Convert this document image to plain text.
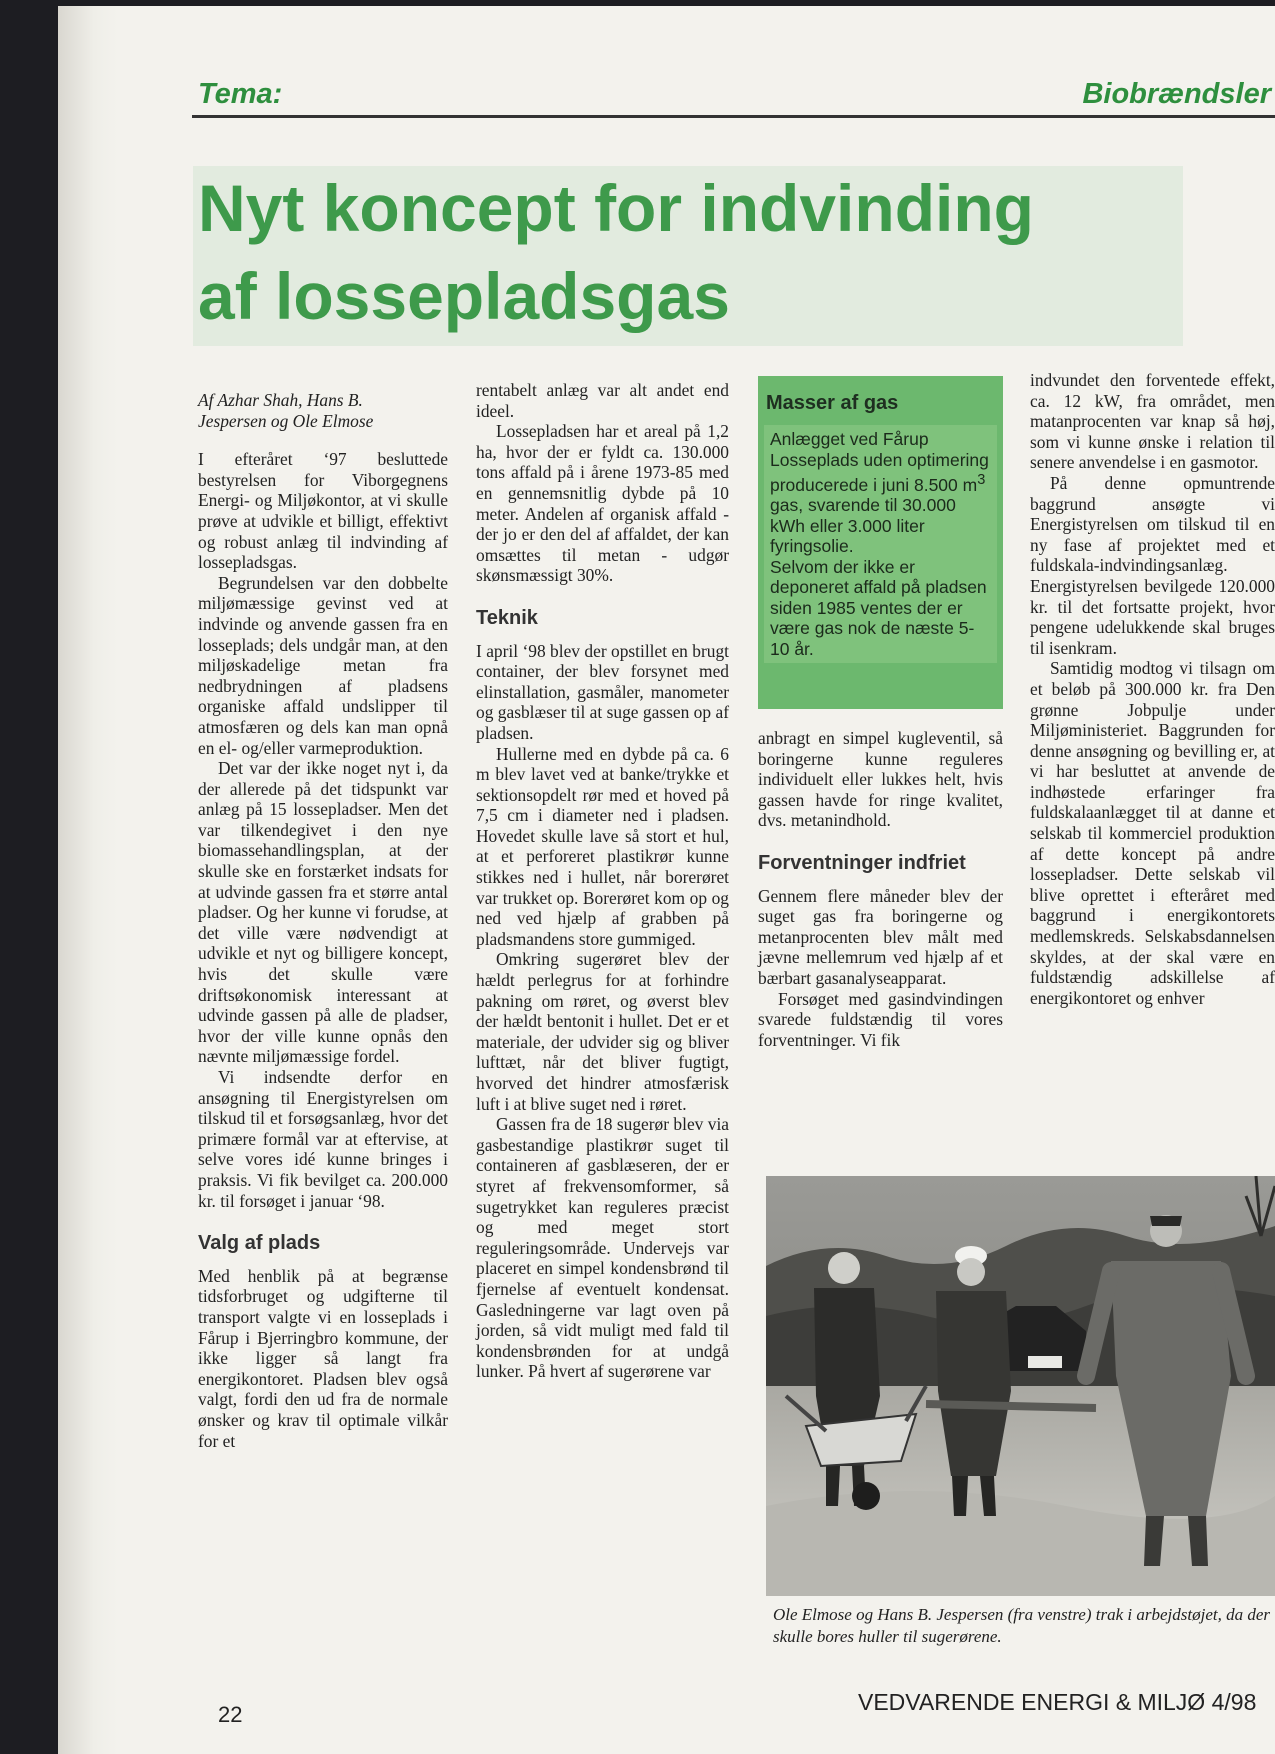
Tema:	Biobrændsler
Nyt koncept for indvinding
af lossepladsgas
Af Azhar Shah, Hans B.
Jespersen og Ole Elmose

I efteråret ‘97 besluttede bestyrelsen for Viborgegnens Energi- og Miljøkontor, at vi skulle prøve at udvikle et billigt, effektivt og robust anlæg til indvinding af lossepladsgas.

Begrundelsen var den dobbelte miljømæssige gevinst ved at indvinde og anvende gassen fra en losseplads; dels undgår man, at den miljøskadelige metan fra nedbrydningen af pladsens organiske affald undslipper til atmosfæren og dels kan man opnå en el- og/eller varmeproduktion.

Det var der ikke noget nyt i, da der allerede på det tidspunkt var anlæg på 15 lossepladser. Men det var tilkendegivet i den nye biomassehandlingsplan, at der skulle ske en forstærket indsats for at udvinde gassen fra et større antal pladser. Og her kunne vi forudse, at det ville være nødvendigt at udvikle et nyt og billigere koncept, hvis det skulle være driftsøkonomisk interessant at udvinde gassen på alle de pladser, hvor der ville kunne opnås den nævnte miljømæssige fordel.

Vi indsendte derfor en ansøgning til Energistyrelsen om tilskud til et forsøgsanlæg, hvor det primære formål var at eftervise, at selve vores idé kunne bringes i praksis. Vi fik bevilget ca. 200.000 kr. til forsøget i januar ‘98.

Valg af plads

Med henblik på at begrænse tidsforbruget og udgifterne til transport valgte vi en losseplads i Fårup i Bjerringbro kommune, der ikke ligger så langt fra energikontoret. Pladsen blev også valgt, fordi den ud fra de normale ønsker og krav til optimale vilkår for et

rentabelt anlæg var alt andet end ideel.

Lossepladsen har et areal på 1,2 ha, hvor der er fyldt ca. 130.000 tons affald på i årene 1973-85 med en gennemsnitlig dybde på 10 meter. Andelen af organisk affald - der jo er den del af affaldet, der kan omsættes til metan - udgør skønsmæssigt 30%.

Teknik

I april ‘98 blev der opstillet en brugt container, der blev forsynet med elinstallation, gasmåler, manometer og gasblæser til at suge gassen op af pladsen.

Hullerne med en dybde på ca. 6 m blev lavet ved at banke/trykke et sektionsopdelt rør med et hoved på 7,5 cm i diameter ned i pladsen. Hovedet skulle lave så stort et hul, at et perforeret plastikrør kunne stikkes ned i hullet, når borerøret var trukket op. Borerøret kom op og ned ved hjælp af grabben på pladsmandens store gummiged.

Omkring sugerøret blev der hældt perlegrus for at forhindre pakning om røret, og øverst blev der hældt bentonit i hullet. Det er et materiale, der udvider sig og bliver lufttæt, når det bliver fugtigt, hvorved det hindrer atmosfærisk luft i at blive suget ned i røret.

Gassen fra de 18 sugerør blev via gasbestandige plastikrør suget til containeren af gasblæseren, der er styret af frekvensomformer, så sugetrykket kan reguleres præcist og med meget stort reguleringsområde. Undervejs var placeret en simpel kondensbrønd til fjernelse af eventuelt kondensat. Gasledningerne var lagt oven på jorden, så vidt muligt med fald til kondensbrønden for at undgå lunker. På hvert af sugerørene var

Masser af gas

Anlægget ved Fårup Losseplads uden optimering producerede i juni 8.500 $m^3$ gas, svarende til 30.000 kWh eller 3.000 liter fyringsolie.

Selvom der ikke er deponeret affald på pladsen siden 1985 ventes der er være gas nok de næste 5-10 år.

anbragt en simpel kugleventil, så boringerne kunne reguleres individuelt eller lukkes helt, hvis gassen havde for ringe kvalitet, dvs. metanindhold.

Forventninger indfriet

Gennem flere måneder blev der suget gas fra boringerne og metanprocenten blev målt med jævne mellemrum ved hjælp af et bærbart gasanalyseapparat.

Forsøget med gasindvindingen svarede fuldstændig til vores forventninger. Vi fik

indvundet den forventede effekt, ca. 12 kW, fra området, men matanprocenten var knap så høj, som vi kunne ønske i relation til senere anvendelse i en gasmotor.

På denne opmuntrende baggrund ansøgte vi Energistyrelsen om tilskud til en ny fase af projektet med et fuldskala-indvindingsanlæg. Energistyrelsen bevilgede 120.000 kr. til det fortsatte projekt, hvor pengene udelukkende skal bruges til isenkram.

Samtidig modtog vi tilsagn om et beløb på 300.000 kr. fra Den grønne Jobpulje under Miljøministeriet. Baggrunden for denne ansøgning og bevilling er, at vi har besluttet at anvende de indhøstede erfaringer fra fuldskalaanlægget til at danne et selskab til kommerciel produktion af dette koncept på andre lossepladser. Dette selskab vil blive oprettet i efteråret med baggrund i energikontorets medlemskreds. Selskabsdannelsen skyldes, at der skal være en fuldstændig adskillelse af energikontoret og enhver

Ole Elmose og Hans B. Jespersen (fra venstre) trak i arbejdstøjet, da der skulle bores huller til sugerørene.
22	VEDVARENDE ENERGI & MILJØ 4/98
